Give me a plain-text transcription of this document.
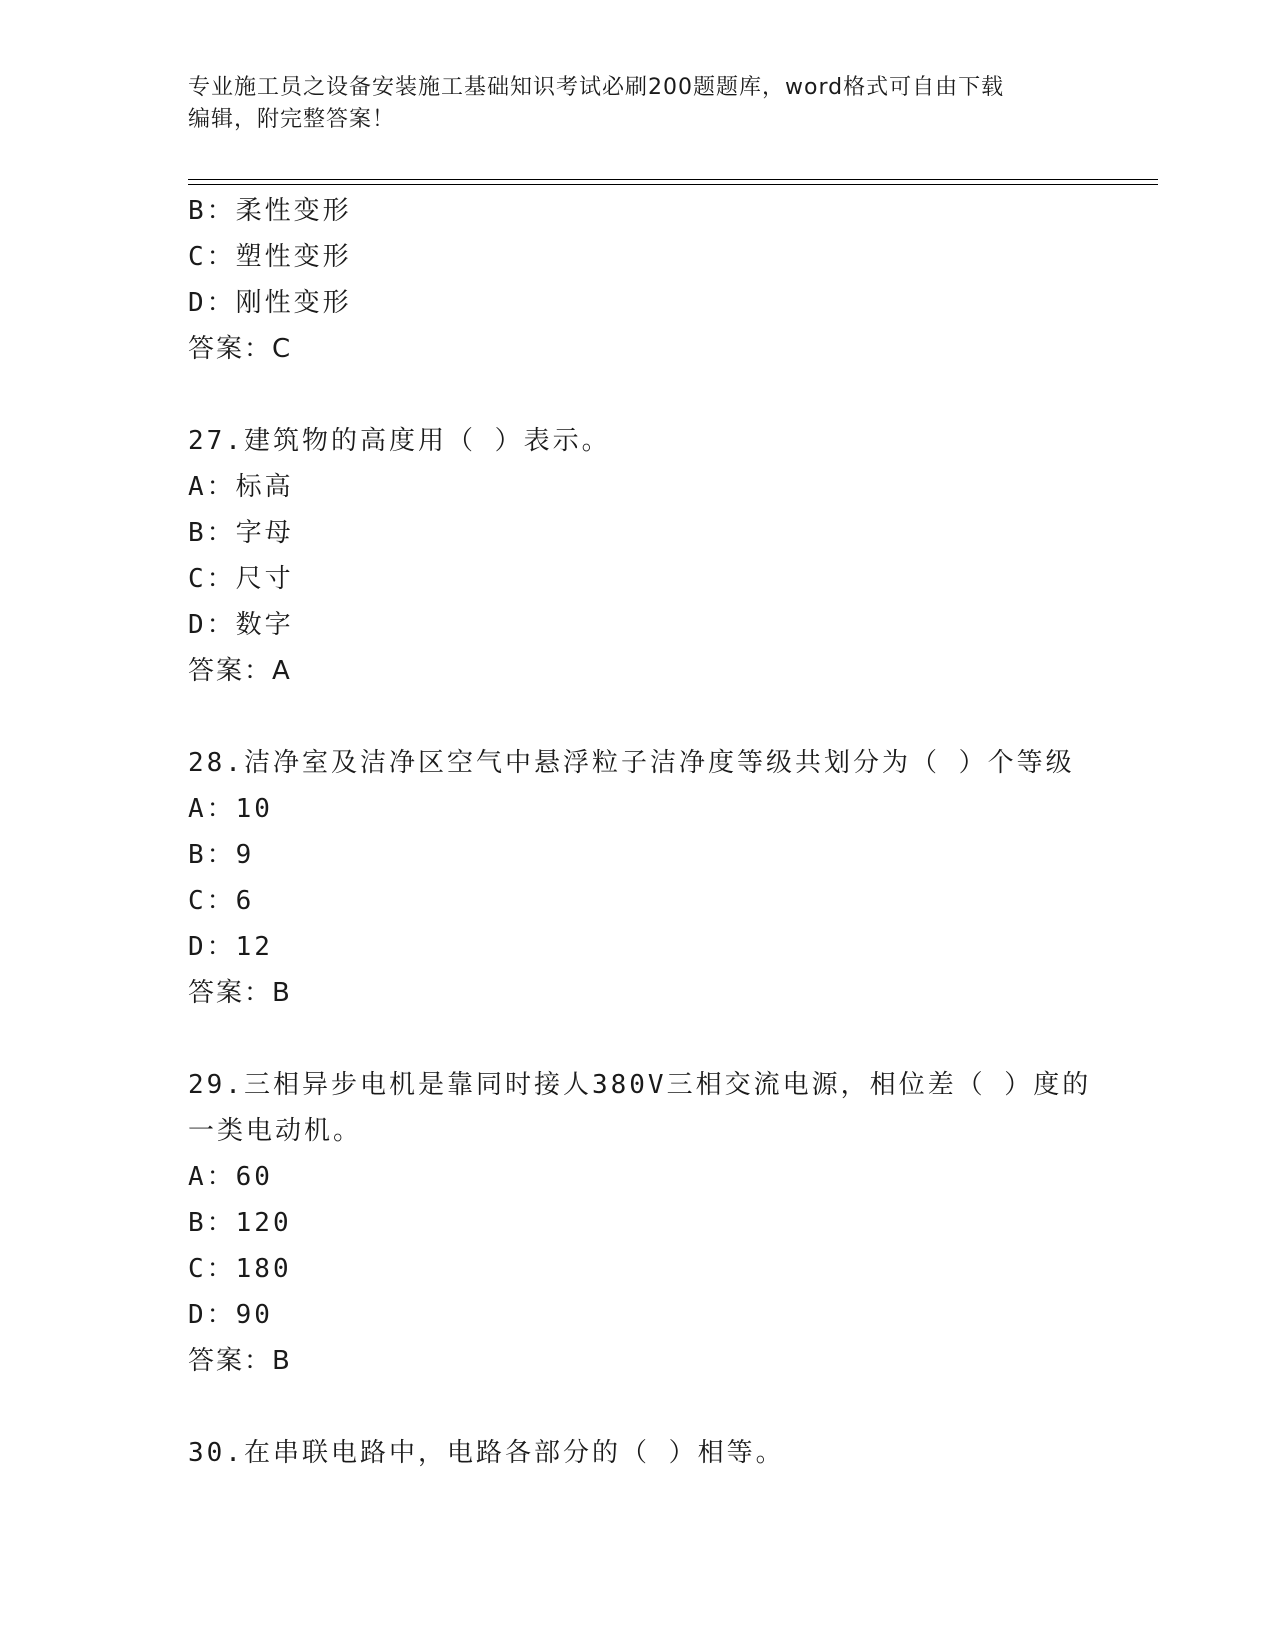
专业施工员之设备安装施工基础知识考试必刷200题题库，word格式可自由下载
编辑，附完整答案！
B：柔性变形
C：塑性变形
D：刚性变形
答案：C
27.建筑物的高度用（ ）表示。
A：标高
B：字母
C：尺寸
D：数字
答案：A
28.洁净室及洁净区空气中悬浮粒子洁净度等级共划分为（ ）个等级
A：10
B：9
C：6
D：12
答案：B
29.三相异步电机是靠同时接人380V三相交流电源，相位差（ ）度的
一类电动机。
A：60
B：120
C：180
D：90
答案：B
30.在串联电路中，电路各部分的（ ）相等。
